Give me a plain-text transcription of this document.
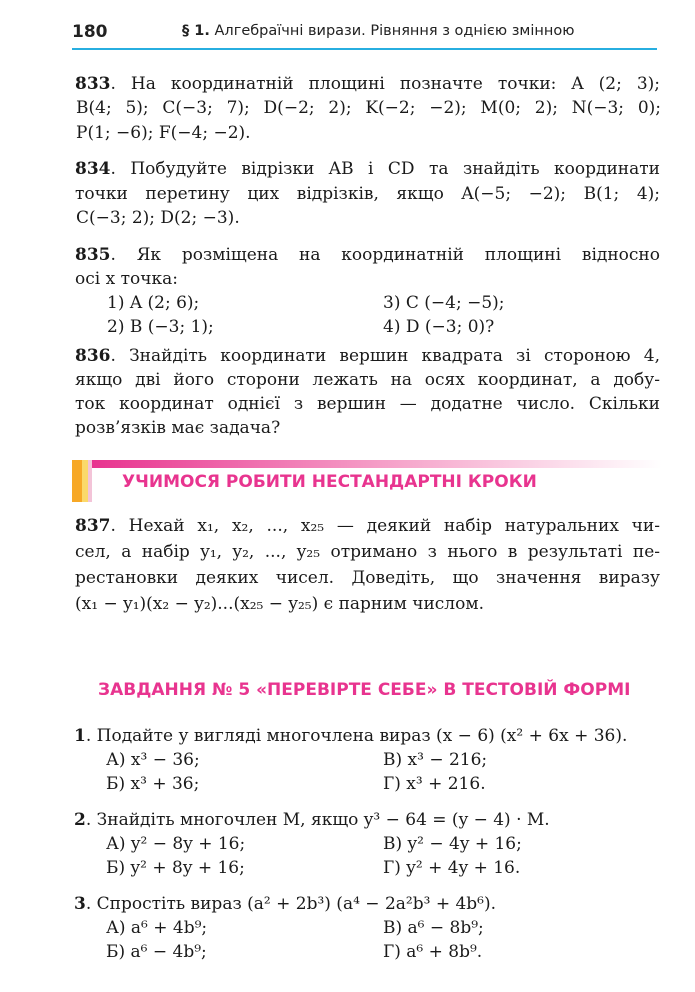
180	§ 1. Алгебраїчні вирази. Рівняння з однією змінною
833. На координатній площині позначте точки: A (2; 3);
B(4; 5); C(−3; 7); D(−2; 2); K(−2; −2); M(0; 2); N(−3; 0);
P(1; −6); F(−4; −2).
834. Побудуйте відрізки AB і CD та знайдіть координати
точки перетину цих відрізків, якщо A(−5; −2); B(1; 4);
C(−3; 2); D(2; −3).
835. Як розміщена на координатній площині відносно
осі x точка:
1) A (2; 6);
2) B (−3; 1);
3) C (−4; −5);
4) D (−3; 0)?
836. Знайдіть координати вершин квадрата зі стороною 4,
якщо дві його сторони лежать на осях координат, а добу-
ток координат однієї з вершин — додатне число. Скільки
розв’язків має задача?
УЧИМОСЯ РОБИТИ НЕСТАНДАРТНІ КРОКИ
837. Нехай x₁, x₂, ..., x₂₅ — деякий набір натуральних чи-
сел, а набір y₁, y₂, ..., y₂₅ отримано з нього в результаті пе-
рестановки деяких чисел. Доведіть, що значення виразу
(x₁ − y₁)(x₂ − y₂)...(x₂₅ − y₂₅) є парним числом.
ЗАВДАННЯ № 5 «ПЕРЕВІРТЕ СЕБЕ» В ТЕСТОВІЙ ФОРМІ
1. Подайте у вигляді многочлена вираз (x − 6) (x² + 6x + 36).
А) x³ − 36;
Б) x³ + 36;
В) x³ − 216;
Г) x³ + 216.
2. Знайдіть многочлен M, якщо y³ − 64 = (y − 4) · M.
А) y² − 8y + 16;
Б) y² + 8y + 16;
В) y² − 4y + 16;
Г) y² + 4y + 16.
3. Спростіть вираз (a² + 2b³) (a⁴ − 2a²b³ + 4b⁶).
А) a⁶ + 4b⁹;
Б) a⁶ − 4b⁹;
В) a⁶ − 8b⁹;
Г) a⁶ + 8b⁹.
